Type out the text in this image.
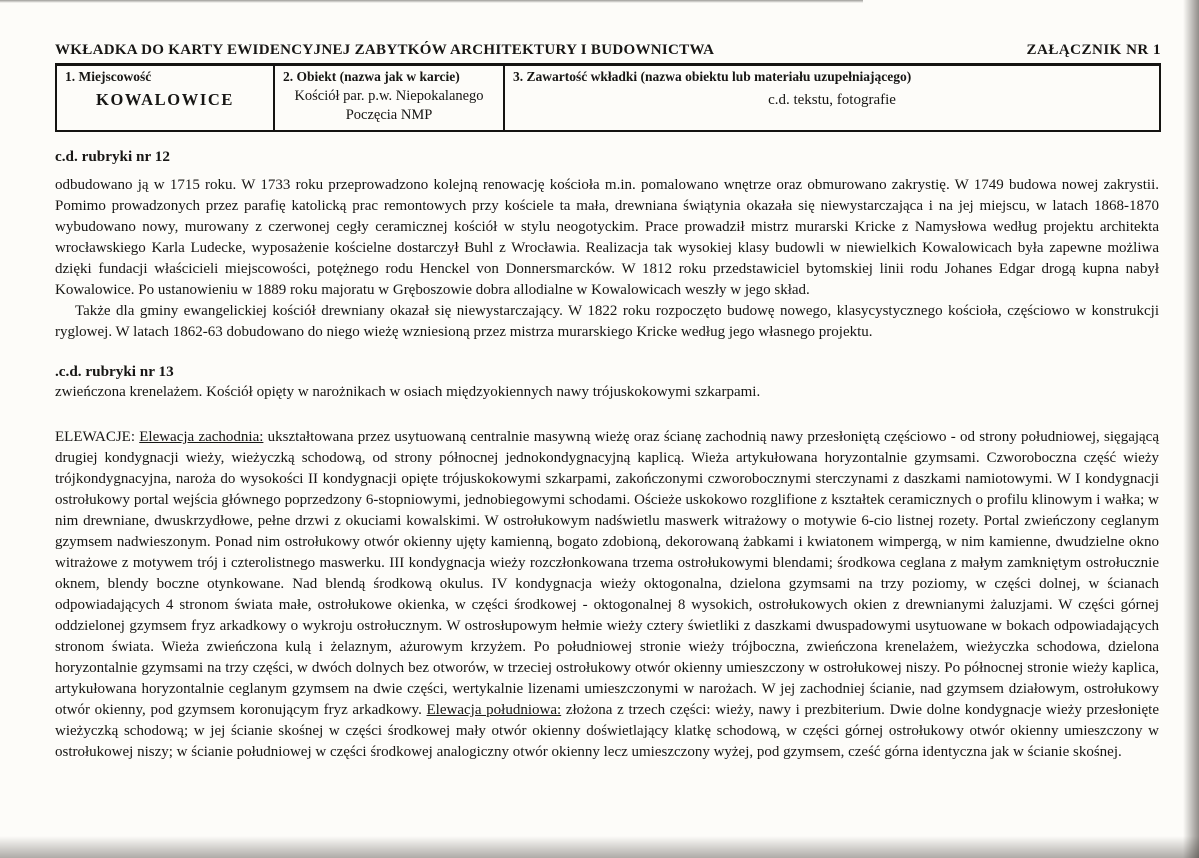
WKŁADKA DO KARTY EWIDENCYJNEJ ZABYTKÓW ARCHITEKTURY I BUDOWNICTWA	ZAŁĄCZNIK NR 1
1. Miejscowość
KOWALOWICE

2. Obiekt (nazwa jak w karcie)
Kościół par. p.w. Niepokalanego Poczęcia NMP

3. Zawartość wkładki (nazwa obiektu lub materiału uzupełniającego)
c.d. tekstu, fotografie
c.d. rubryki nr 12

odbudowano ją w 1715 roku. W 1733 roku przeprowadzono kolejną renowację kościoła m.in. pomalowano wnętrze oraz obmurowano zakrystię. W 1749 budowa nowej zakrystii. Pomimo prowadzonych przez parafię katolicką prac remontowych przy kościele ta mała, drewniana świątynia okazała się niewystarczająca i na jej miejscu, w latach 1868-1870 wybudowano nowy, murowany z czerwonej cegły ceramicznej kościół w stylu neogotyckim. Prace prowadził mistrz murarski Kricke z Namysłowa według projektu architekta wrocławskiego Karla Ludecke, wyposażenie kościelne dostarczył Buhl z Wrocławia. Realizacja tak wysokiej klasy budowli w niewielkich Kowalowicach była zapewne możliwa dzięki fundacji właścicieli miejscowości, potężnego rodu Henckel von Donnersmarcków. W 1812 roku przedstawiciel bytomskiej linii rodu Johanes Edgar drogą kupna nabył Kowalowice. Po ustanowieniu w 1889 roku majoratu w Gręboszowie dobra allodialne w Kowalowicach weszły w jego skład.

Także dla gminy ewangelickiej kościół drewniany okazał się niewystarczający. W 1822 roku rozpoczęto budowę nowego, klasycystycznego kościoła, częściowo w konstrukcji ryglowej. W latach 1862-63 dobudowano do niego wieżę wzniesioną przez mistrza murarskiego Kricke według jego własnego projektu.

.c.d. rubryki nr 13

zwieńczona krenelażem. Kościół opięty w narożnikach w osiach międzyokiennych nawy trójuskokowymi szkarpami.

ELEWACJE: Elewacja zachodnia: ukształtowana przez usytuowaną centralnie masywną wieżę oraz ścianę zachodnią nawy przesłoniętą częściowo - od strony południowej, sięgającą drugiej kondygnacji wieży, wieżyczką schodową, od strony północnej jednokondygnacyjną kaplicą. Wieża artykułowana horyzontalnie gzymsami. Czworoboczna część wieży trójkondygnacyjna, naroża do wysokości II kondygnacji opięte trójuskokowymi szkarpami, zakończonymi czworobocznymi sterczynami z daszkami namiotowymi. W I kondygnacji ostrołukowy portal wejścia głównego poprzedzony 6-stopniowymi, jednobiegowymi schodami. Ościeże uskokowo rozglifione z kształtek ceramicznych o profilu klinowym i wałka; w nim drewniane, dwuskrzydłowe, pełne drzwi z okuciami kowalskimi. W ostrołukowym nadświetlu maswerk witrażowy o motywie 6-cio listnej rozety. Portal zwieńczony ceglanym gzymsem nadwieszonym. Ponad nim ostrołukowy otwór okienny ujęty kamienną, bogato zdobioną, dekorowaną żabkami i kwiatonem wimpergą, w nim kamienne, dwudzielne okno witrażowe z motywem trój i czterolistnego maswerku. III kondygnacja wieży rozczłonkowana trzema ostrołukowymi blendami; środkowa ceglana z małym zamkniętym ostrołucznie oknem, blendy boczne otynkowane. Nad blendą środkową okulus. IV kondygnacja wieży oktogonalna, dzielona gzymsami na trzy poziomy, w części dolnej, w ścianach odpowiadających 4 stronom świata małe, ostrołukowe okienka, w części środkowej - oktogonalnej 8 wysokich, ostrołukowych okien z drewnianymi żaluzjami. W części górnej oddzielonej gzymsem fryz arkadkowy o wykroju ostrołucznym. W ostrosłupowym hełmie wieży cztery świetliki z daszkami dwuspadowymi usytuowane w bokach odpowiadających stronom świata. Wieża zwieńczona kulą i żelaznym, ażurowym krzyżem. Po południowej stronie wieży trójboczna, zwieńczona krenelażem, wieżyczka schodowa, dzielona horyzontalnie gzymsami na trzy części, w dwóch dolnych bez otworów, w trzeciej ostrołukowy otwór okienny umieszczony w ostrołukowej niszy. Po północnej stronie wieży kaplica, artykułowana horyzontalnie ceglanym gzymsem na dwie części, wertykalnie lizenami umieszczonymi w narożach. W jej zachodniej ścianie, nad gzymsem działowym, ostrołukowy otwór okienny, pod gzymsem koronującym fryz arkadkowy. Elewacja południowa: złożona z trzech części: wieży, nawy i prezbiterium. Dwie dolne kondygnacje wieży przesłonięte wieżyczką schodową; w jej ścianie skośnej w części środkowej mały otwór okienny doświetlający klatkę schodową, w części górnej ostrołukowy otwór okienny umieszczony w ostrołukowej niszy; w ścianie południowej w części środkowej analogiczny otwór okienny lecz umieszczony wyżej, pod gzymsem, cześć górna identyczna jak w ścianie skośnej.
